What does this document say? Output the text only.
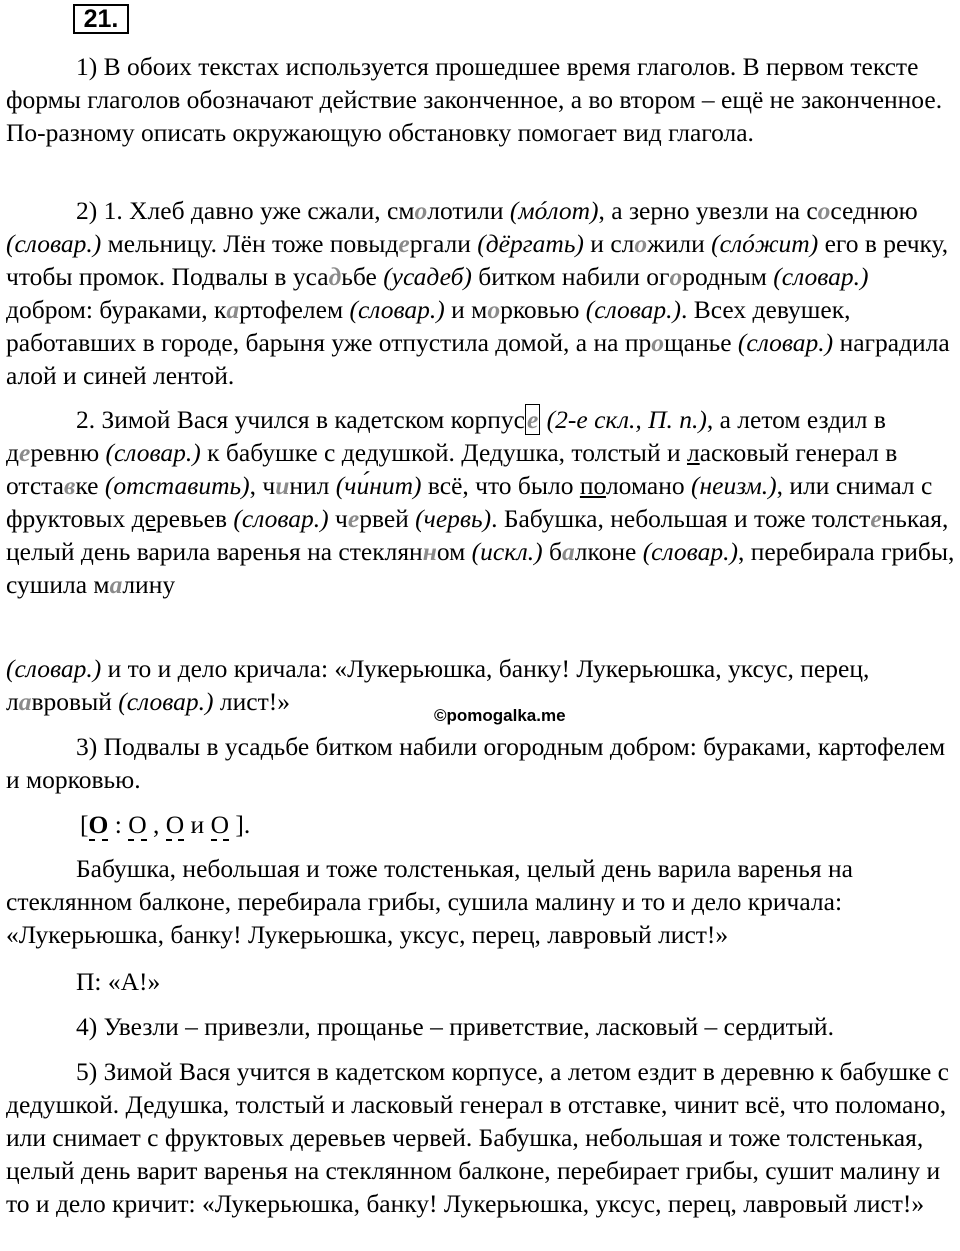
21.

1) В обоих текстах используется прошедшее время глаголов. В первом тексте формы глаголов обозначают действие законченное, а во втором – ещё не законченное. По-разному описать окружающую обстановку помогает вид глагола.

2) 1. Хлеб давно уже сжали, смолотили (мóлот), а зерно увезли на соседнюю (словар.) мельницу. Лён тоже повыдергали (дёргать) и сложили (слóжит) его в речку, чтобы промок. Подвалы в усадьбе (усадеб) битком набили огородным (словар.) добром: бураками, картофелем (словар.) и морковью (словар.). Всех девушек, работавших в городе, барыня уже отпустила домой, а на прощанье (словар.) наградила алой и синей лентой.

2. Зимой Вася учился в кадетском корпусе (2-е скл., П. п.), а летом ездил в деревню (словар.) к бабушке с дедушкой. Дедушка, толстый и ласковый генерал в отставке (отставить), чинил (чи́нит) всё, что было поломано (неизм.), или снимал с фруктовых деревьев (словар.) червей (червь). Бабушка, небольшая и тоже толстенькая, целый день варила варенья на стеклянном (искл.) балконе (словар.), перебирала грибы, сушила малину

(словар.) и то и дело кричала: «Лукерьюшка, банку! Лукерьюшка, уксус, перец, лавровый (словар.) лист!»	©pomogalka.me

3) Подвалы в усадьбе битком набили огородным добром: бураками, картофелем и морковью.

[О : О , О и О ].

Бабушка, небольшая и тоже толстенькая, целый день варила варенья на стеклянном балконе, перебирала грибы, сушила малину и то и дело кричала: «Лукерьюшка, банку! Лукерьюшка, уксус, перец, лавровый лист!»

П: «А!»

4) Увезли – привезли, прощанье – приветствие, ласковый – сердитый.

5) Зимой Вася учится в кадетском корпусе, а летом ездит в деревню к бабушке с дедушкой. Дедушка, толстый и ласковый генерал в отставке, чинит всё, что поломано, или снимает с фруктовых деревьев червей. Бабушка, небольшая и тоже толстенькая, целый день варит варенья на стеклянном балконе, перебирает грибы, сушит малину и то и дело кричит: «Лукерьюшка, банку! Лукерьюшка, уксус, перец, лавровый лист!»
